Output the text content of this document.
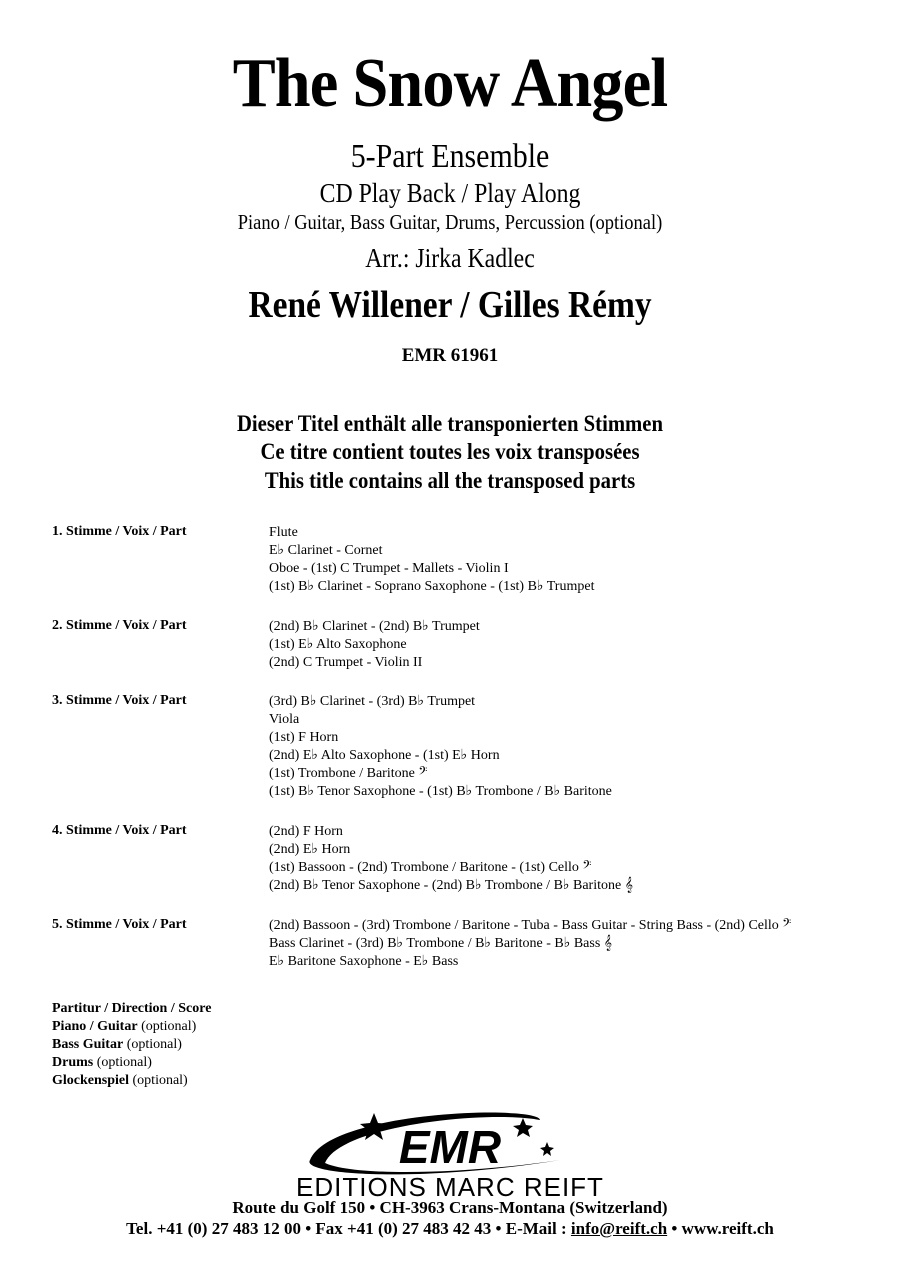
The Snow Angel
5-Part Ensemble
CD Play Back / Play Along
Piano / Guitar, Bass Guitar, Drums, Percussion (optional)
Arr.: Jirka Kadlec
René Willener / Gilles Rémy
EMR 61961
Dieser Titel enthält alle transponierten Stimmen
Ce titre contient toutes les voix transposées
This title contains all the transposed parts
1. Stimme / Voix / Part	Flute
E♭ Clarinet - Cornet
Oboe - (1st) C Trumpet - Mallets - Violin I
(1st) B♭ Clarinet - Soprano Saxophone - (1st) B♭ Trumpet
2. Stimme / Voix / Part	(2nd) B♭ Clarinet - (2nd) B♭ Trumpet
(1st) E♭ Alto Saxophone
(2nd) C Trumpet - Violin II
3. Stimme / Voix / Part	(3rd) B♭ Clarinet - (3rd) B♭ Trumpet
Viola
(1st) F Horn
(2nd) E♭ Alto Saxophone - (1st) E♭ Horn
(1st) Trombone / Baritone 𝄢
(1st) B♭ Tenor Saxophone - (1st) B♭ Trombone / B♭ Baritone
4. Stimme / Voix / Part	(2nd) F Horn
(2nd) E♭ Horn
(1st) Bassoon - (2nd) Trombone / Baritone - (1st) Cello 𝄢
(2nd) B♭ Tenor Saxophone - (2nd) B♭ Trombone / B♭ Baritone 𝄞
5. Stimme / Voix / Part	(2nd) Bassoon - (3rd) Trombone / Baritone - Tuba - Bass Guitar - String Bass - (2nd) Cello 𝄢
Bass Clarinet - (3rd) B♭ Trombone / B♭ Baritone - B♭ Bass 𝄞
E♭ Baritone Saxophone - E♭ Bass
Partitur / Direction / Score
Piano / Guitar (optional)
Bass Guitar (optional)
Drums (optional)
Glockenspiel (optional)
EMR
EDITIONS MARC REIFT
Route du Golf 150 • CH-3963 Crans-Montana (Switzerland)
Tel. +41 (0) 27 483 12 00 • Fax +41 (0) 27 483 42 43 • E-Mail : info@reift.ch • www.reift.ch
